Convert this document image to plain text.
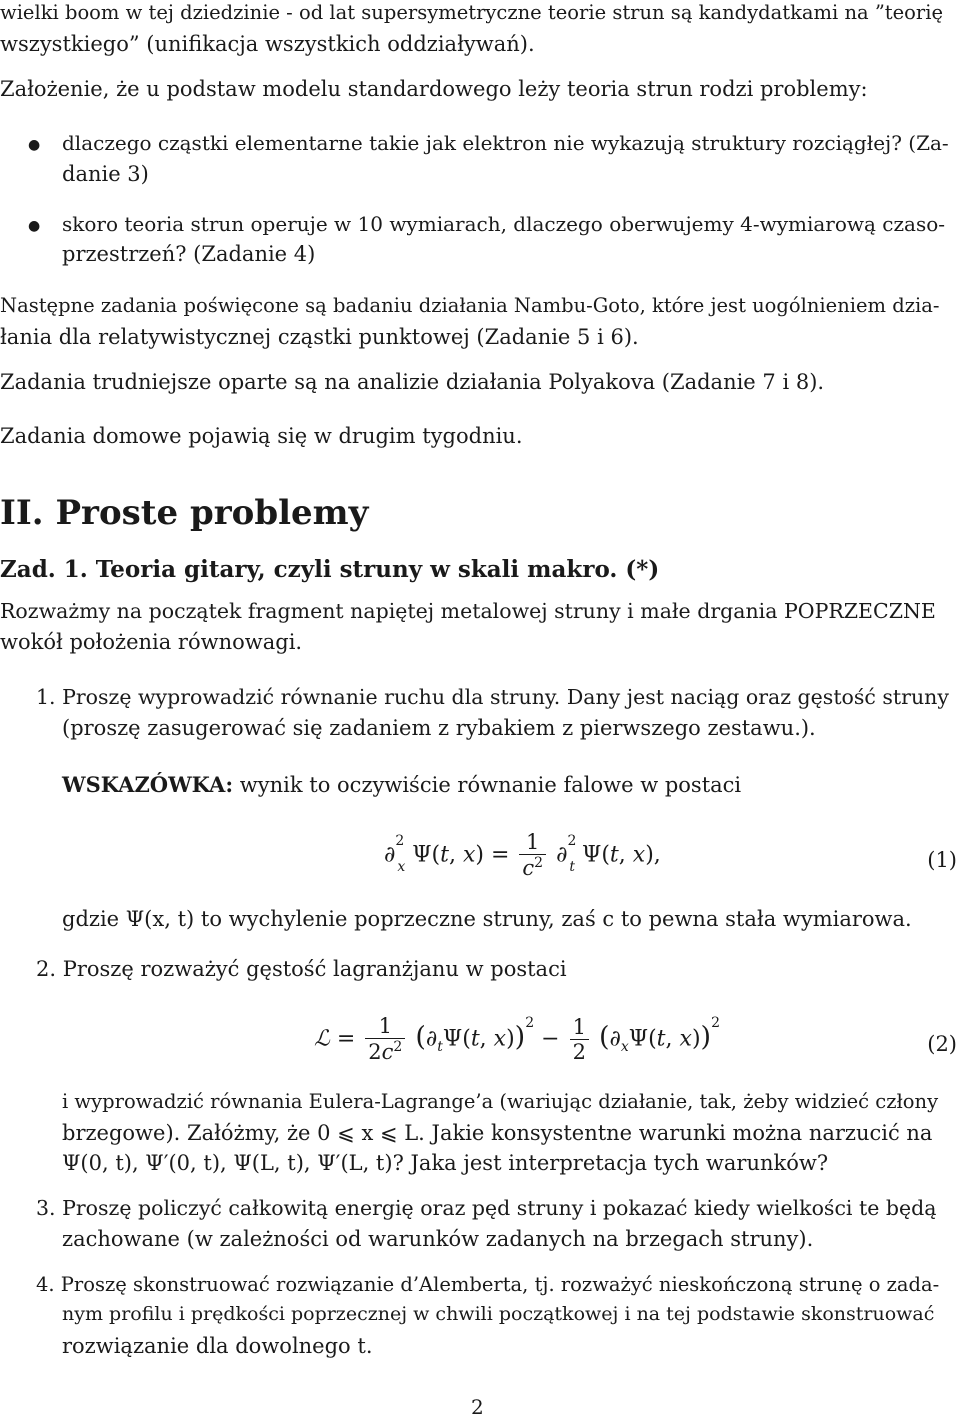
wielki boom w tej dziedzinie - od lat supersymetryczne teorie strun są kandydatkami na ”teorię
wszystkiego” (unifikacja wszystkich oddziaływań).
Założenie, że u podstaw modelu standardowego leży teoria strun rodzi problemy:
● dlaczego cząstki elementarne takie jak elektron nie wykazują struktury rozciągłej? (Za-
danie 3)
● skoro teoria strun operuje w 10 wymiarach, dlaczego oberwujemy 4-wymiarową czaso-
przestrzeń? (Zadanie 4)
Następne zadania poświęcone są badaniu działania Nambu-Goto, które jest uogólnieniem dzia-
łania dla relatywistycznej cząstki punktowej (Zadanie 5 i 6).
Zadania trudniejsze oparte są na analizie działania Polyakova (Zadanie 7 i 8).
Zadania domowe pojawią się w drugim tygodniu.
II. Proste problemy
Zad. 1. Teoria gitary, czyli struny w skali makro. (*)
Rozważmy na początek fragment napiętej metalowej struny i małe drgania POPRZECZNE
wokół położenia równowagi.
1. Proszę wyprowadzić równanie ruchu dla struny. Dany jest naciąg oraz gęstość struny
(proszę zasugerować się zadaniem z rybakiem z pierwszego zestawu.).
WSKAZÓWKA: wynik to oczywiście równanie falowe w postaci
∂$^2_x$ Ψ(t, $x) = \frac{1}{c^2} \partial^2_t$ Ψ(t, x),	(1)
gdzie Ψ(x, t) to wychylenie poprzeczne struny, zaś c to pewna stała wymiarowa.
2. Proszę rozważyć gęstość lagranżjanu w postaci
ℒ = $\frac{1}{2c^2} (\partial_t\Psi(t$, $x))^2 - \frac{1}{2} (\partial_x\Psi(t$, x))$^2$
(2)
i wyprowadzić równania Eulera-Lagrange’a (wariując działanie, tak, żeby widzieć człony
brzegowe). Załóżmy, że 0 ⩽ x ⩽ L. Jakie konsystentne warunki można narzucić na
Ψ(0, t), Ψ′(0, t), Ψ(L, t), Ψ′(L, t)? Jaka jest interpretacja tych warunków?
3. Proszę policzyć całkowitą energię oraz pęd struny i pokazać kiedy wielkości te będą
zachowane (w zależności od warunków zadanych na brzegach struny).
4. Proszę skonstruować rozwiązanie d’Alemberta, tj. rozważyć nieskończoną strunę o zada-
nym profilu i prędkości poprzecznej w chwili początkowej i na tej podstawie skonstruować
rozwiązanie dla dowolnego t.
2
